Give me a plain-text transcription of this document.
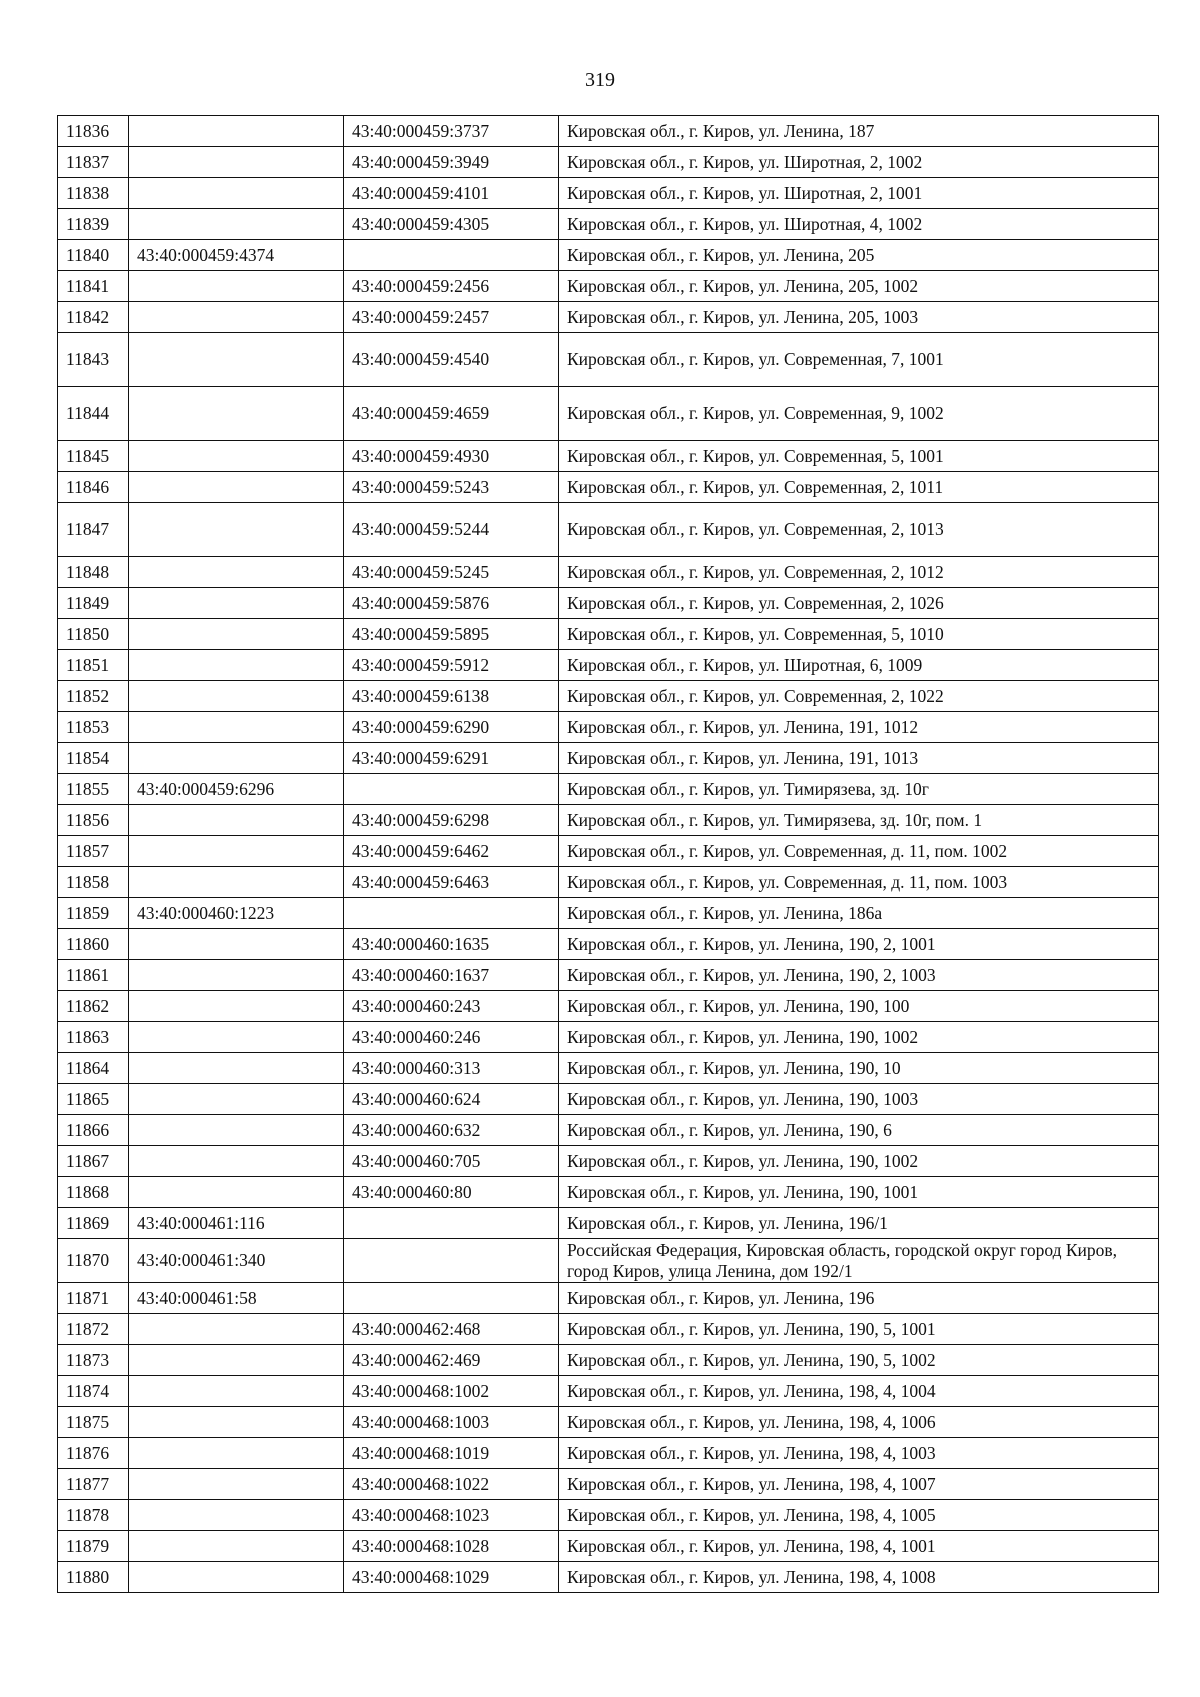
319
11836		43:40:000459:3737	Кировская обл., г. Киров, ул. Ленина, 187
11837		43:40:000459:3949	Кировская обл., г. Киров, ул. Широтная, 2, 1002
11838		43:40:000459:4101	Кировская обл., г. Киров, ул. Широтная, 2, 1001
11839		43:40:000459:4305	Кировская обл., г. Киров, ул. Широтная, 4, 1002
11840	43:40:000459:4374		Кировская обл., г. Киров, ул. Ленина, 205
11841		43:40:000459:2456	Кировская обл., г. Киров, ул. Ленина, 205, 1002
11842		43:40:000459:2457	Кировская обл., г. Киров, ул. Ленина, 205, 1003
11843		43:40:000459:4540	Кировская обл., г. Киров, ул. Современная, 7, 1001
11844		43:40:000459:4659	Кировская обл., г. Киров, ул. Современная, 9, 1002
11845		43:40:000459:4930	Кировская обл., г. Киров, ул. Современная, 5, 1001
11846		43:40:000459:5243	Кировская обл., г. Киров, ул. Современная, 2, 1011
11847		43:40:000459:5244	Кировская обл., г. Киров, ул. Современная, 2, 1013
11848		43:40:000459:5245	Кировская обл., г. Киров, ул. Современная, 2, 1012
11849		43:40:000459:5876	Кировская обл., г. Киров, ул. Современная, 2, 1026
11850		43:40:000459:5895	Кировская обл., г. Киров, ул. Современная, 5, 1010
11851		43:40:000459:5912	Кировская обл., г. Киров, ул. Широтная, 6, 1009
11852		43:40:000459:6138	Кировская обл., г. Киров, ул. Современная, 2, 1022
11853		43:40:000459:6290	Кировская обл., г. Киров, ул. Ленина, 191, 1012
11854		43:40:000459:6291	Кировская обл., г. Киров, ул. Ленина, 191, 1013
11855	43:40:000459:6296		Кировская обл., г. Киров, ул. Тимирязева, зд. 10г
11856		43:40:000459:6298	Кировская обл., г. Киров, ул. Тимирязева, зд. 10г, пом. 1
11857		43:40:000459:6462	Кировская обл., г. Киров, ул. Современная, д. 11, пом. 1002
11858		43:40:000459:6463	Кировская обл., г. Киров, ул. Современная, д. 11, пом. 1003
11859	43:40:000460:1223		Кировская обл., г. Киров, ул. Ленина, 186а
11860		43:40:000460:1635	Кировская обл., г. Киров, ул. Ленина, 190, 2, 1001
11861		43:40:000460:1637	Кировская обл., г. Киров, ул. Ленина, 190, 2, 1003
11862		43:40:000460:243	Кировская обл., г. Киров, ул. Ленина, 190, 100
11863		43:40:000460:246	Кировская обл., г. Киров, ул. Ленина, 190, 1002
11864		43:40:000460:313	Кировская обл., г. Киров, ул. Ленина, 190, 10
11865		43:40:000460:624	Кировская обл., г. Киров, ул. Ленина, 190, 1003
11866		43:40:000460:632	Кировская обл., г. Киров, ул. Ленина, 190, 6
11867		43:40:000460:705	Кировская обл., г. Киров, ул. Ленина, 190, 1002
11868		43:40:000460:80	Кировская обл., г. Киров, ул. Ленина, 190, 1001
11869	43:40:000461:116		Кировская обл., г. Киров, ул. Ленина, 196/1
11870	43:40:000461:340		Российская Федерация, Кировская область, городской округ город Киров, город Киров, улица Ленина, дом 192/1
11871	43:40:000461:58		Кировская обл., г. Киров, ул. Ленина, 196
11872		43:40:000462:468	Кировская обл., г. Киров, ул. Ленина, 190, 5, 1001
11873		43:40:000462:469	Кировская обл., г. Киров, ул. Ленина, 190, 5, 1002
11874		43:40:000468:1002	Кировская обл., г. Киров, ул. Ленина, 198, 4, 1004
11875		43:40:000468:1003	Кировская обл., г. Киров, ул. Ленина, 198, 4, 1006
11876		43:40:000468:1019	Кировская обл., г. Киров, ул. Ленина, 198, 4, 1003
11877		43:40:000468:1022	Кировская обл., г. Киров, ул. Ленина, 198, 4, 1007
11878		43:40:000468:1023	Кировская обл., г. Киров, ул. Ленина, 198, 4, 1005
11879		43:40:000468:1028	Кировская обл., г. Киров, ул. Ленина, 198, 4, 1001
11880		43:40:000468:1029	Кировская обл., г. Киров, ул. Ленина, 198, 4, 1008
